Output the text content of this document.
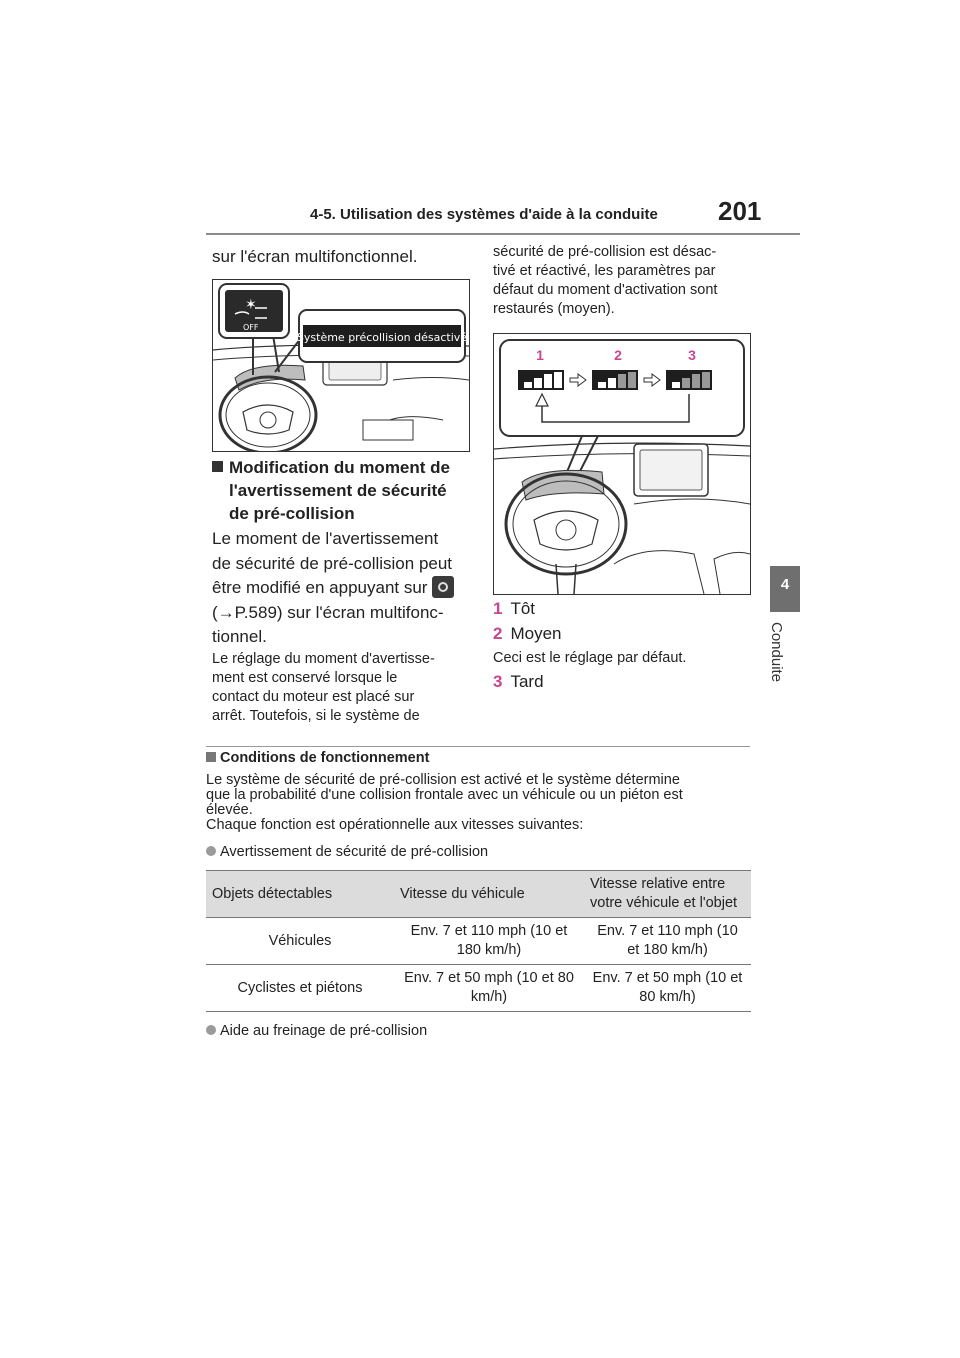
4-5. Utilisation des systèmes d'aide à la conduite 201
4
Conduite
sur l'écran multifonctionnel.
✶
OFF
Système précollision désactivé
Modification du moment de
l'avertissement de sécurité
de pré-collision
Le moment de l'avertissement
de sécurité de pré-collision peut
être modifié en appuyant sur
(→P.589) sur l'écran multifonc-
tionnel.
Le réglage du moment d'avertisse-
ment est conservé lorsque le
contact du moteur est placé sur
arrêt. Toutefois, si le système de
sécurité de pré-collision est désac-
tivé et réactivé, les paramètres par
défaut du moment d'activation sont
restaurés (moyen).
1	2	3
1 Tôt
2 Moyen
Ceci est le réglage par défaut.
3 Tard
Conditions de fonctionnement
Le système de sécurité de pré-collision est activé et le système détermine
que la probabilité d'une collision frontale avec un véhicule ou un piéton est
élevée.
Chaque fonction est opérationnelle aux vitesses suivantes:
Avertissement de sécurité de pré-collision
Objets détectables	Vitesse du véhicule	Vitesse relative entre votre véhicule et l'objet
Véhicules	Env. 7 et 110 mph (10 et 180 km/h)	Env. 7 et 110 mph (10 et 180 km/h)
Cyclistes et piétons	Env. 7 et 50 mph (10 et 80 km/h)	Env. 7 et 50 mph (10 et 80 km/h)
Aide au freinage de pré-collision
